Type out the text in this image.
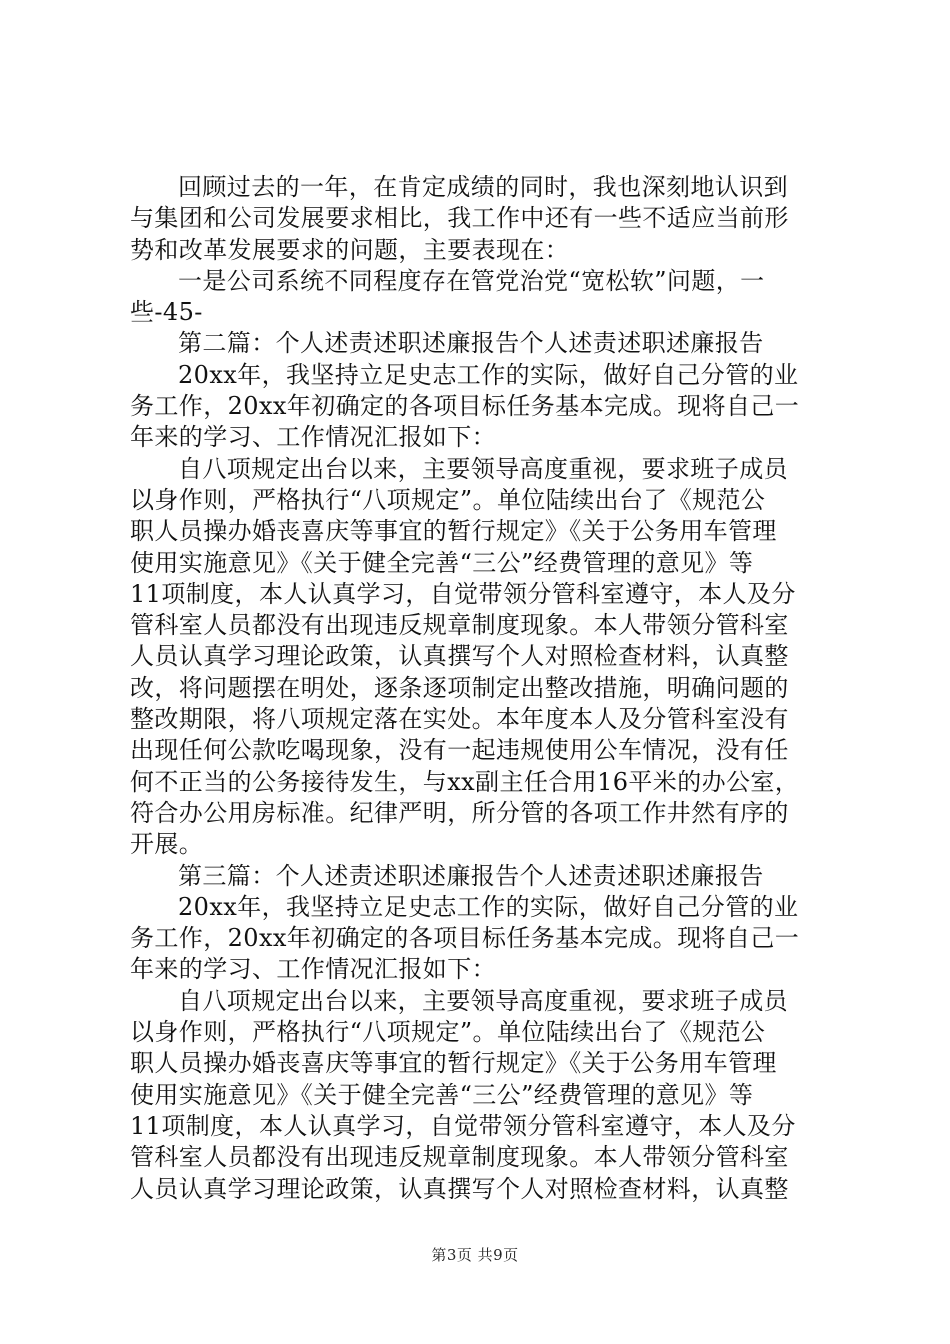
回顾过去的一年，在肯定成绩的同时，我也深刻地认识到
与集团和公司发展要求相比，我工作中还有一些不适应当前形
势和改革发展要求的问题，主要表现在：
一是公司系统不同程度存在管党治党“宽松软”问题，一
些-45-
第二篇：个人述责述职述廉报告个人述责述职述廉报告
20xx年，我坚持立足史志工作的实际，做好自己分管的业
务工作，20xx年初确定的各项目标任务基本完成。现将自己一
年来的学习、工作情况汇报如下：
自八项规定出台以来，主要领导高度重视，要求班子成员
以身作则，严格执行“八项规定”。单位陆续出台了《规范公
职人员操办婚丧喜庆等事宜的暂行规定》《关于公务用车管理
使用实施意见》《关于健全完善“三公”经费管理的意见》等
11项制度，本人认真学习，自觉带领分管科室遵守，本人及分
管科室人员都没有出现违反规章制度现象。本人带领分管科室
人员认真学习理论政策，认真撰写个人对照检查材料，认真整
改，将问题摆在明处，逐条逐项制定出整改措施，明确问题的
整改期限，将八项规定落在实处。本年度本人及分管科室没有
出现任何公款吃喝现象，没有一起违规使用公车情况，没有任
何不正当的公务接待发生，与xx副主任合用16平米的办公室，
符合办公用房标准。纪律严明，所分管的各项工作井然有序的
开展。
第三篇：个人述责述职述廉报告个人述责述职述廉报告
20xx年，我坚持立足史志工作的实际，做好自己分管的业
务工作，20xx年初确定的各项目标任务基本完成。现将自己一
年来的学习、工作情况汇报如下：
自八项规定出台以来，主要领导高度重视，要求班子成员
以身作则，严格执行“八项规定”。单位陆续出台了《规范公
职人员操办婚丧喜庆等事宜的暂行规定》《关于公务用车管理
使用实施意见》《关于健全完善“三公”经费管理的意见》等
11项制度，本人认真学习，自觉带领分管科室遵守，本人及分
管科室人员都没有出现违反规章制度现象。本人带领分管科室
人员认真学习理论政策，认真撰写个人对照检查材料，认真整
第3页 共9页
